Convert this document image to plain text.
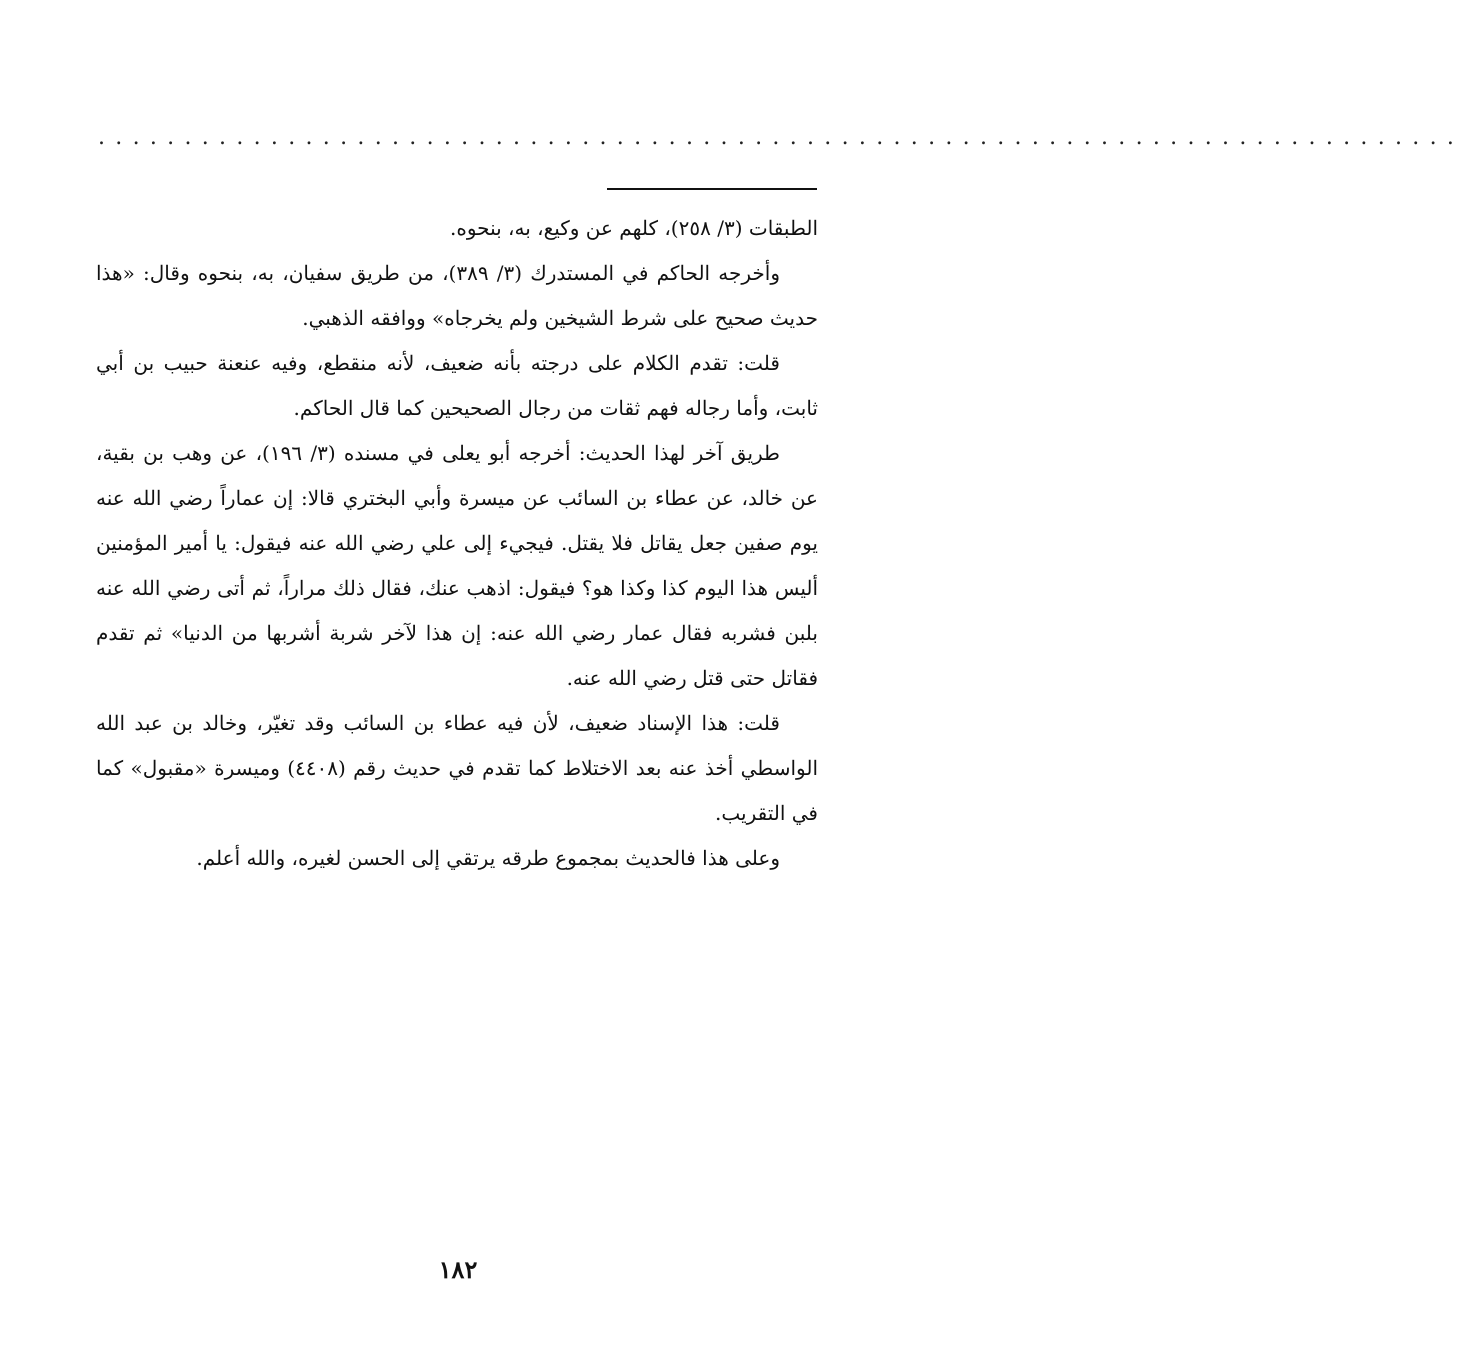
...............................................................................

الطبقات (٣/ ٢٥٨)، كلهم عن وكيع، به، بنحوه.

وأخرجه الحاكم في المستدرك (٣/ ٣٨٩)، من طريق سفيان، به، بنحوه وقال: «هذا حديث صحيح على شرط الشيخين ولم يخرجاه» ووافقه الذهبي.

قلت: تقدم الكلام على درجته بأنه ضعيف، لأنه منقطع، وفيه عنعنة حبيب بن أبي ثابت، وأما رجاله فهم ثقات من رجال الصحيحين كما قال الحاكم.

طريق آخر لهذا الحديث: أخرجه أبو يعلى في مسنده (٣/ ١٩٦)، عن وهب بن بقية، عن خالد، عن عطاء بن السائب عن ميسرة وأبي البختري قالا: إن عماراً رضي الله عنه يوم صفين جعل يقاتل فلا يقتل. فيجيء إلى علي رضي الله عنه فيقول: يا أمير المؤمنين أليس هذا اليوم كذا وكذا هو؟ فيقول: اذهب عنك، فقال ذلك مراراً، ثم أتى رضي الله عنه بلبن فشربه فقال عمار رضي الله عنه: إن هذا لآخر شربة أشربها من الدنيا» ثم تقدم فقاتل حتى قتل رضي الله عنه.

قلت: هذا الإسناد ضعيف، لأن فيه عطاء بن السائب وقد تغيّر، وخالد بن عبد الله الواسطي أخذ عنه بعد الاختلاط كما تقدم في حديث رقم (٤٤٠٨) وميسرة «مقبول» كما في التقريب.

وعلى هذا فالحديث بمجموع طرقه يرتقي إلى الحسن لغيره، والله أعلم.

١٨٢
